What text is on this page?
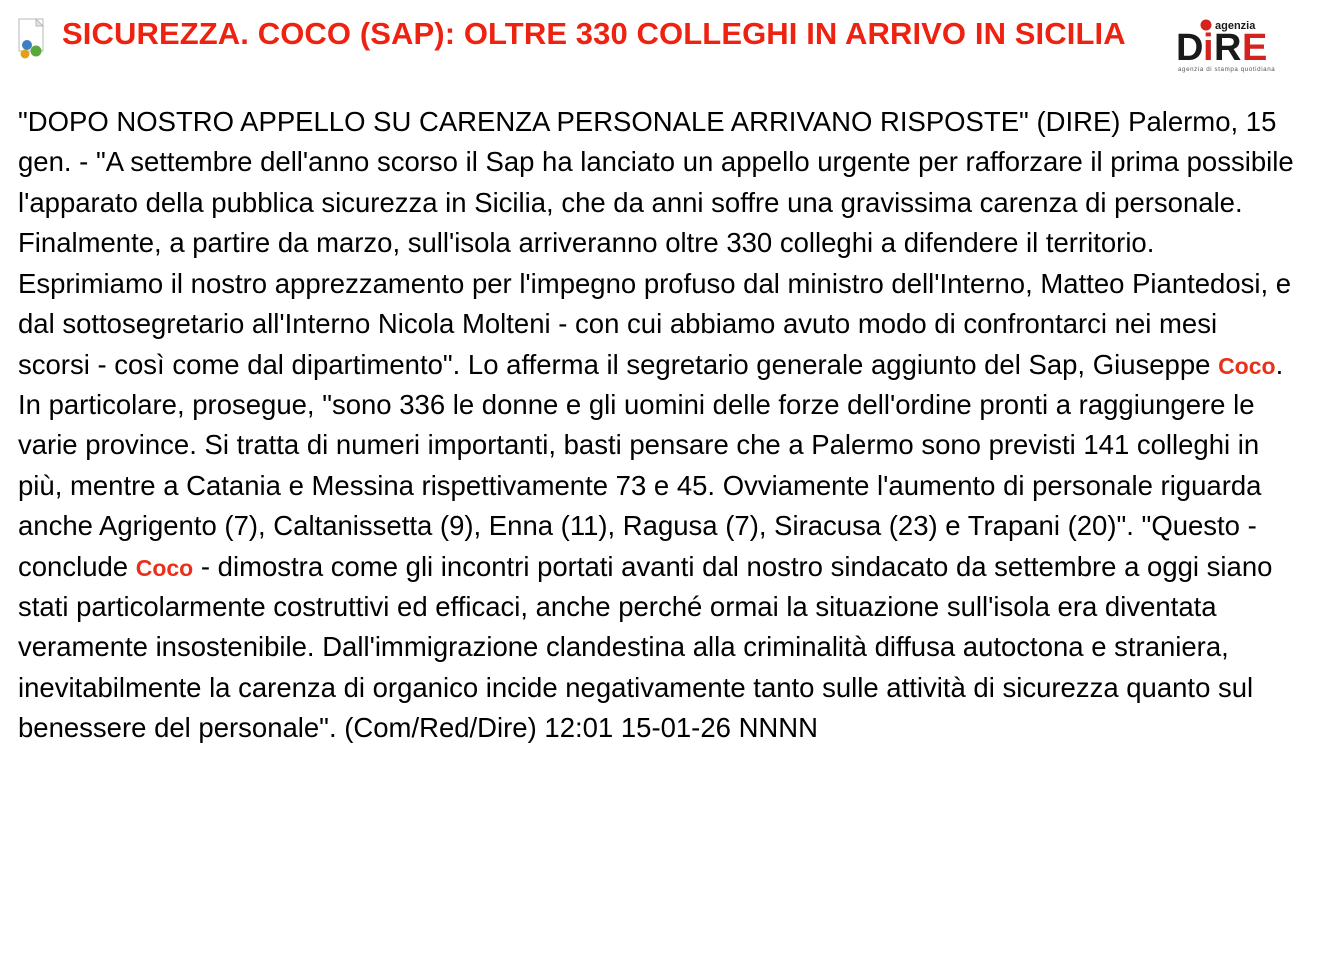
SICUREZZA. COCO (SAP): OLTRE 330 COLLEGHI IN ARRIVO IN SICILIA	agenzia
D i R E
agenzia di stampa quotidiana

"DOPO NOSTRO APPELLO SU CARENZA PERSONALE ARRIVANO RISPOSTE" (DIRE) Palermo, 15 gen. - "A settembre dell'anno scorso il Sap ha lanciato un appello urgente per rafforzare il prima possibile l'apparato della pubblica sicurezza in Sicilia, che da anni soffre una gravissima carenza di personale. Finalmente, a partire da marzo, sull'isola arriveranno oltre 330 colleghi a difendere il territorio. Esprimiamo il nostro apprezzamento per l'impegno profuso dal ministro dell'Interno, Matteo Piantedosi, e dal sottosegretario all'Interno Nicola Molteni - con cui abbiamo avuto modo di confrontarci nei mesi scorsi - così come dal dipartimento". Lo afferma il segretario generale aggiunto del Sap, Giuseppe Coco. In particolare, prosegue, "sono 336 le donne e gli uomini delle forze dell'ordine pronti a raggiungere le varie province. Si tratta di numeri importanti, basti pensare che a Palermo sono previsti 141 colleghi in più, mentre a Catania e Messina rispettivamente 73 e 45. Ovviamente l'aumento di personale riguarda anche Agrigento (7), Caltanissetta (9), Enna (11), Ragusa (7), Siracusa (23) e Trapani (20)". "Questo - conclude Coco - dimostra come gli incontri portati avanti dal nostro sindacato da settembre a oggi siano stati particolarmente costruttivi ed efficaci, anche perché ormai la situazione sull'isola era diventata veramente insostenibile. Dall'immigrazione clandestina alla criminalità diffusa autoctona e straniera, inevitabilmente la carenza di organico incide negativamente tanto sulle attività di sicurezza quanto sul benessere del personale". (Com/Red/Dire) 12:01 15-01-26 NNNN
